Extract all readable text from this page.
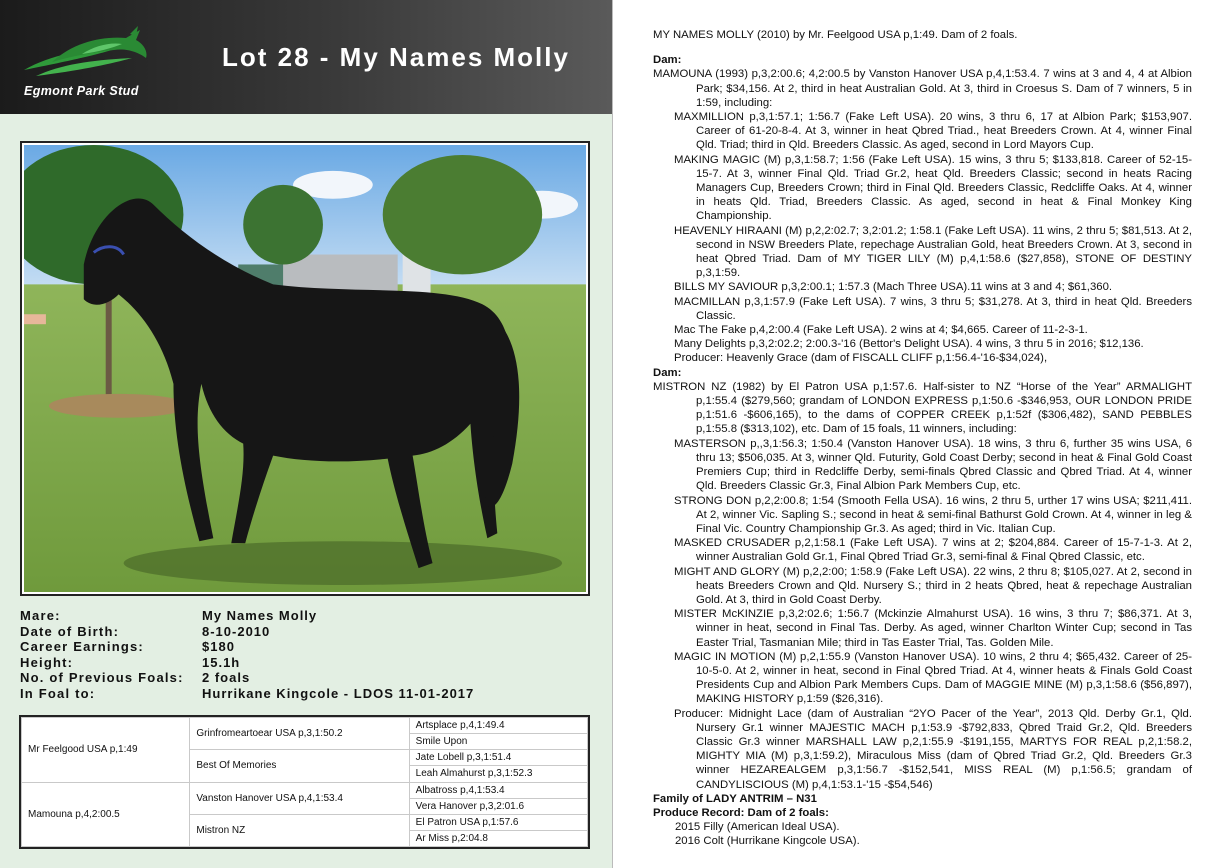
Egmont Park Stud
Lot 28 - My Names Molly
Mare:	My Names Molly
Date of Birth:	8-10-2010
Career Earnings:	$180
Height:	15.1h
No. of Previous Foals:	2 foals
In Foal to:	Hurrikane Kingcole - LDOS 11-01-2017
Mr Feelgood USA p,1:49	Grinfromeartoear USA p,3,1:50.2	Artsplace p,4,1:49.4
		Smile Upon
	Best Of Memories	Jate Lobell p,3,1:51.4
		Leah Almahurst p,3,1:52.3
Mamouna p,4,2:00.5	Vanston Hanover USA p,4,1:53.4	Albatross p,4,1:53.4
		Vera Hanover p,3,2:01.6
	Mistron NZ	El Patron USA p,1:57.6
		Ar Miss p,2:04.8

MY NAMES MOLLY (2010) by Mr. Feelgood USA p,1:49. Dam of 2 foals.

Dam:

MAMOUNA (1993) p,3,2:00.6; 4,2:00.5 by Vanston Hanover USA p,4,1:53.4. 7 wins at 3 and 4, 4 at Albion Park; $34,156. At 2, third in heat Australian Gold. At 3, third in Croesus S. Dam of 7 winners, 5 in 1:59, including:

MAXMILLION p,3,1:57.1; 1:56.7 (Fake Left USA). 20 wins, 3 thru 6, 17 at Albion Park; $153,907. Career of 61-20-8-4. At 3, winner in heat Qbred Triad., heat Breeders Crown. At 4, winner Final Qld. Triad; third in Qld. Breeders Classic. As aged, second in Lord Mayors Cup.

MAKING MAGIC (M) p,3,1:58.7; 1:56 (Fake Left USA). 15 wins, 3 thru 5; $133,818. Career of 52-15-15-7. At 3, winner Final Qld. Triad Gr.2, heat Qld. Breeders Classic; second in heats Racing Managers Cup, Breeders Crown; third in Final Qld. Breeders Classic, Redcliffe Oaks. At 4, winner in heats Qld. Triad, Breeders Classic. As aged, second in heat & Final Monkey King Championship.

HEAVENLY HIRAANI (M) p,2,2:02.7; 3,2:01.2; 1:58.1 (Fake Left USA). 11 wins, 2 thru 5; $81,513. At 2, second in NSW Breeders Plate, repechage Australian Gold, heat Breeders Crown. At 3, second in heat Qbred Triad. Dam of MY TIGER LILY (M) p,4,1:58.6 ($27,858), STONE OF DESTINY p,3,1:59.

BILLS MY SAVIOUR p,3,2:00.1; 1:57.3 (Mach Three USA).11 wins at 3 and 4; $61,360.

MACMILLAN p,3,1:57.9 (Fake Left USA). 7 wins, 3 thru 5; $31,278. At 3, third in heat Qld. Breeders Classic.

Mac The Fake p,4,2:00.4 (Fake Left USA). 2 wins at 4; $4,665. Career of 11-2-3-1.

Many Delights p,3,2:02.2; 2:00.3-'16 (Bettor's Delight USA). 4 wins, 3 thru 5 in 2016; $12,136.

Producer: Heavenly Grace (dam of FISCALL CLIFF p,1:56.4-'16-$34,024),

Dam:

MISTRON NZ (1982) by El Patron USA p,1:57.6. Half-sister to NZ “Horse of the Year” ARMALIGHT p,1:55.4 ($279,560; grandam of LONDON EXPRESS p,1:50.6 -$346,953, OUR LONDON PRIDE p,1:51.6 -$606,165), to the dams of COPPER CREEK p,1:52f ($306,482), SAND PEBBLES p,1:55.8 ($313,102), etc. Dam of 15 foals, 11 winners, including:

MASTERSON p,,3,1:56.3; 1:50.4 (Vanston Hanover USA). 18 wins, 3 thru 6, further 35 wins USA, 6 thru 13; $506,035. At 3, winner Qld. Futurity, Gold Coast Derby; second in heat & Final Gold Coast Premiers Cup; third in Redcliffe Derby, semi-finals Qbred Classic and Qbred Triad. At 4, winner Qld. Breeders Classic Gr.3, Final Albion Park Members Cup, etc.

STRONG DON p,2,2:00.8; 1:54 (Smooth Fella USA). 16 wins, 2 thru 5, urther 17 wins USA; $211,411. At 2, winner Vic. Sapling S.; second in heat & semi-final Bathurst Gold Crown. At 4, winner in leg & Final Vic. Country Championship Gr.3. As aged; third in Vic. Italian Cup.

MASKED CRUSADER p,2,1:58.1 (Fake Left USA). 7 wins at 2; $204,884. Career of 15-7-1-3. At 2, winner Australian Gold Gr.1, Final Qbred Triad Gr.3, semi-final & Final Qbred Classic, etc.

MIGHT AND GLORY (M) p,2,2:00; 1:58.9 (Fake Left USA). 22 wins, 2 thru 8; $105,027. At 2, second in heats Breeders Crown and Qld. Nursery S.; third in 2 heats Qbred, heat & repechage Australian Gold. At 3, third in Gold Coast Derby.

MISTER McKINZIE p,3,2:02.6; 1:56.7 (Mckinzie Almahurst USA). 16 wins, 3 thru 7; $86,371. At 3, winner in heat, second in Final Tas. Derby. As aged, winner Charlton Winter Cup; second in Tas Easter Trial, Tasmanian Mile; third in Tas Easter Trial, Tas. Golden Mile.

MAGIC IN MOTION (M) p,2,1:55.9 (Vanston Hanover USA). 10 wins, 2 thru 4; $65,432. Career of 25-10-5-0. At 2, winner in heat, second in Final Qbred Triad. At 4, winner heats & Finals Gold Coast Presidents Cup and Albion Park Members Cups. Dam of MAGGIE MINE (M) p,3,1:58.6 ($56,897), MAKING HISTORY p,1:59 ($26,316).

Producer: Midnight Lace (dam of Australian “2YO Pacer of the Year”, 2013 Qld. Derby Gr.1, Qld. Nursery Gr.1 winner MAJESTIC MACH p,1:53.9 -$792,833, Qbred Traid Gr.2, Qld. Breeders Classic Gr.3 winner MARSHALL LAW p,2,1:55.9 -$191,155, MARTYS FOR REAL p,2,1:58.2, MIGHTY MIA (M) p,3,1:59.2), Miraculous Miss (dam of Qbred Triad Gr.2, Qld. Breeders Gr.3 winner HEZAREALGEM p,3,1:56.7 -$152,541, MISS REAL (M) p,1:56.5; grandam of CANDYLISCIOUS (M) p,4,1:53.1-'15 -$54,546)

Family of LADY ANTRIM – N31

Produce Record: Dam of 2 foals:

2015 Filly (American Ideal USA).

2016 Colt (Hurrikane Kingcole USA).
